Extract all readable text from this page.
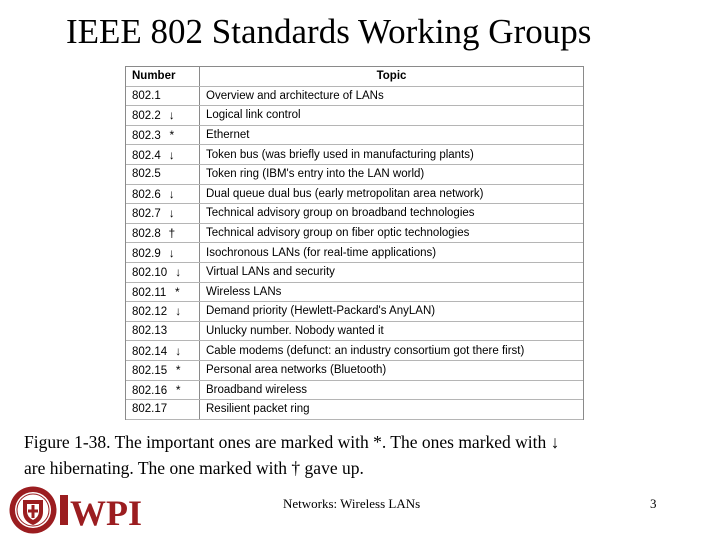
IEEE 802 Standards Working Groups
Number	Topic
802.1	Overview and architecture of LANs
802.2 ↓	Logical link control
802.3 *	Ethernet
802.4 ↓	Token bus (was briefly used in manufacturing plants)
802.5	Token ring (IBM's entry into the LAN world)
802.6 ↓	Dual queue dual bus (early metropolitan area network)
802.7 ↓	Technical advisory group on broadband technologies
802.8 †	Technical advisory group on fiber optic technologies
802.9 ↓	Isochronous LANs (for real-time applications)
802.10 ↓	Virtual LANs and security
802.11 *	Wireless LANs
802.12 ↓	Demand priority (Hewlett-Packard's AnyLAN)
802.13	Unlucky number. Nobody wanted it
802.14 ↓	Cable modems (defunct: an industry consortium got there first)
802.15 *	Personal area networks (Bluetooth)
802.16 *	Broadband wireless
802.17	Resilient packet ring
Figure 1-38. The important ones are marked with *. The ones marked with ↓
are hibernating. The one marked with † gave up.
WPI	Networks: Wireless LANs	3
